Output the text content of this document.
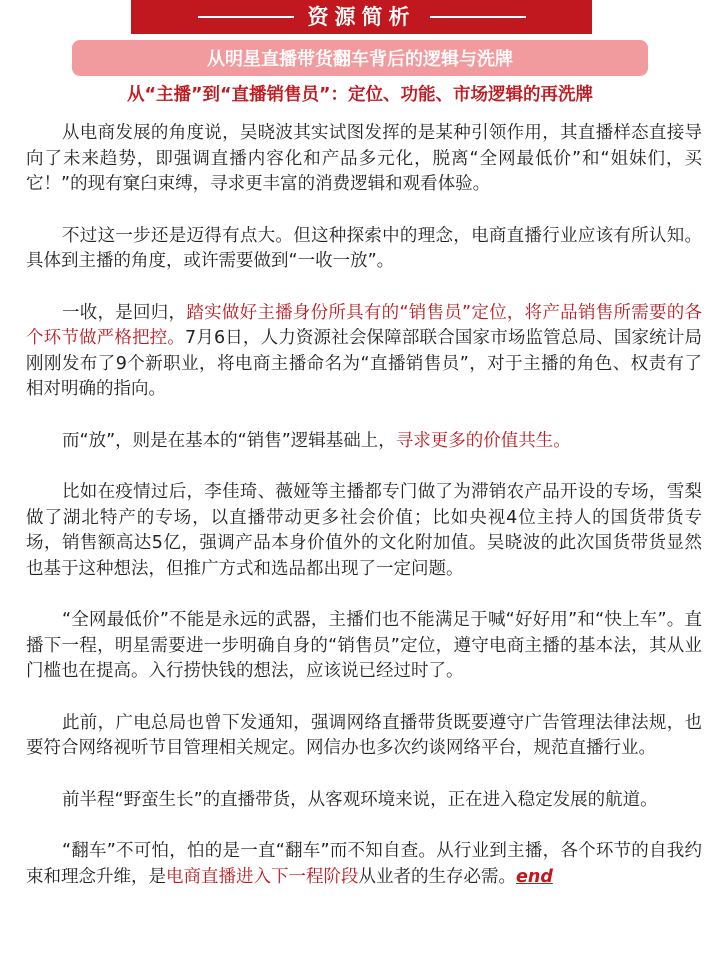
资源简析
从明星直播带货翻车背后的逻辑与洗牌
从“主播”到“直播销售员”：定位、功能、市场逻辑的再洗牌

从电商发展的角度说，吴晓波其实试图发挥的是某种引领作用，其直播样态直接导向了未来趋势，即强调直播内容化和产品多元化，脱离“全网最低价”和“姐妹们，买它！”的现有窠臼束缚，寻求更丰富的消费逻辑和观看体验。

不过这一步还是迈得有点大。但这种探索中的理念，电商直播行业应该有所认知。具体到主播的角度，或许需要做到“一收一放”。

一收，是回归，踏实做好主播身份所具有的“销售员”定位，将产品销售所需要的各个环节做严格把控。7月6日，人力资源社会保障部联合国家市场监管总局、国家统计局刚刚发布了9个新职业，将电商主播命名为“直播销售员”，对于主播的角色、权责有了相对明确的指向。

而“放”，则是在基本的“销售”逻辑基础上，寻求更多的价值共生。

比如在疫情过后，李佳琦、薇娅等主播都专门做了为滞销农产品开设的专场，雪梨做了湖北特产的专场，以直播带动更多社会价值；比如央视4位主持人的国货带货专场，销售额高达5亿，强调产品本身价值外的文化附加值。吴晓波的此次国货带货显然也基于这种想法，但推广方式和选品都出现了一定问题。

“全网最低价”不能是永远的武器，主播们也不能满足于喊“好好用”和“快上车”。直播下一程，明星需要进一步明确自身的“销售员”定位，遵守电商主播的基本法，其从业门槛也在提高。入行捞快钱的想法，应该说已经过时了。

此前，广电总局也曾下发通知，强调网络直播带货既要遵守广告管理法律法规，也要符合网络视听节目管理相关规定。网信办也多次约谈网络平台，规范直播行业。

前半程“野蛮生长”的直播带货，从客观环境来说，正在进入稳定发展的航道。

“翻车”不可怕，怕的是一直“翻车”而不知自查。从行业到主播，各个环节的自我约束和理念升维，是电商直播进入下一程阶段从业者的生存必需。end
